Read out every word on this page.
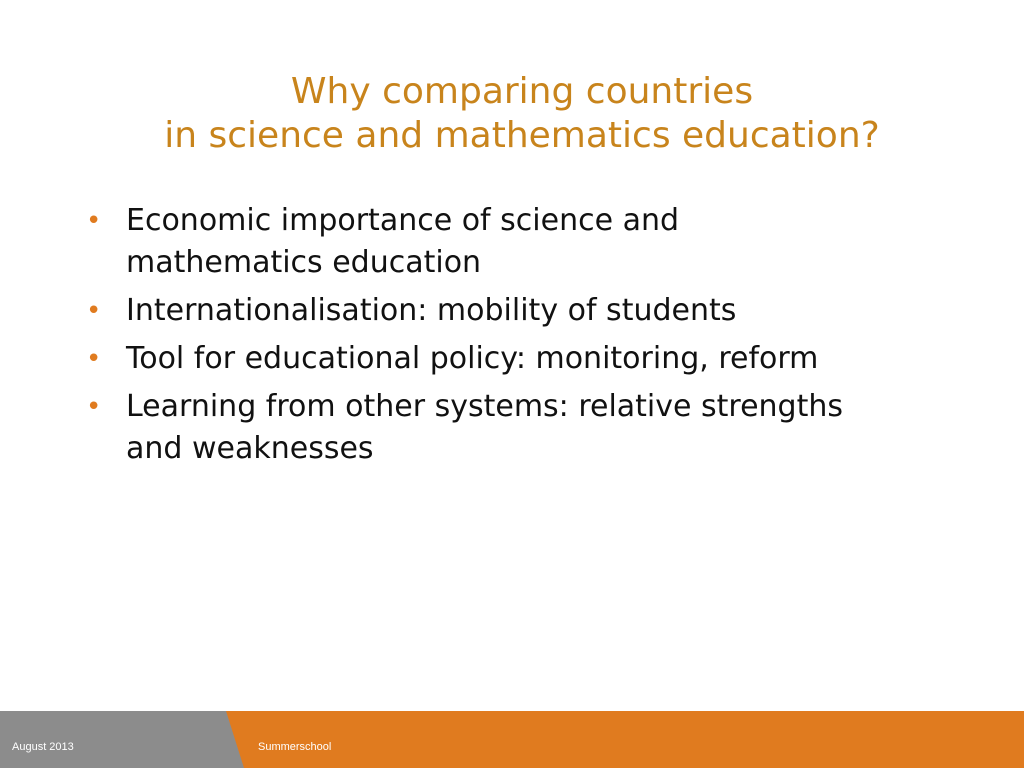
Why comparing countries
in science and mathematics education?
• Economic importance of science and
mathematics education
• Internationalisation: mobility of students
• Tool for educational policy: monitoring, reform
• Learning from other systems: relative strengths
and weaknesses
August 2013	Summerschool
